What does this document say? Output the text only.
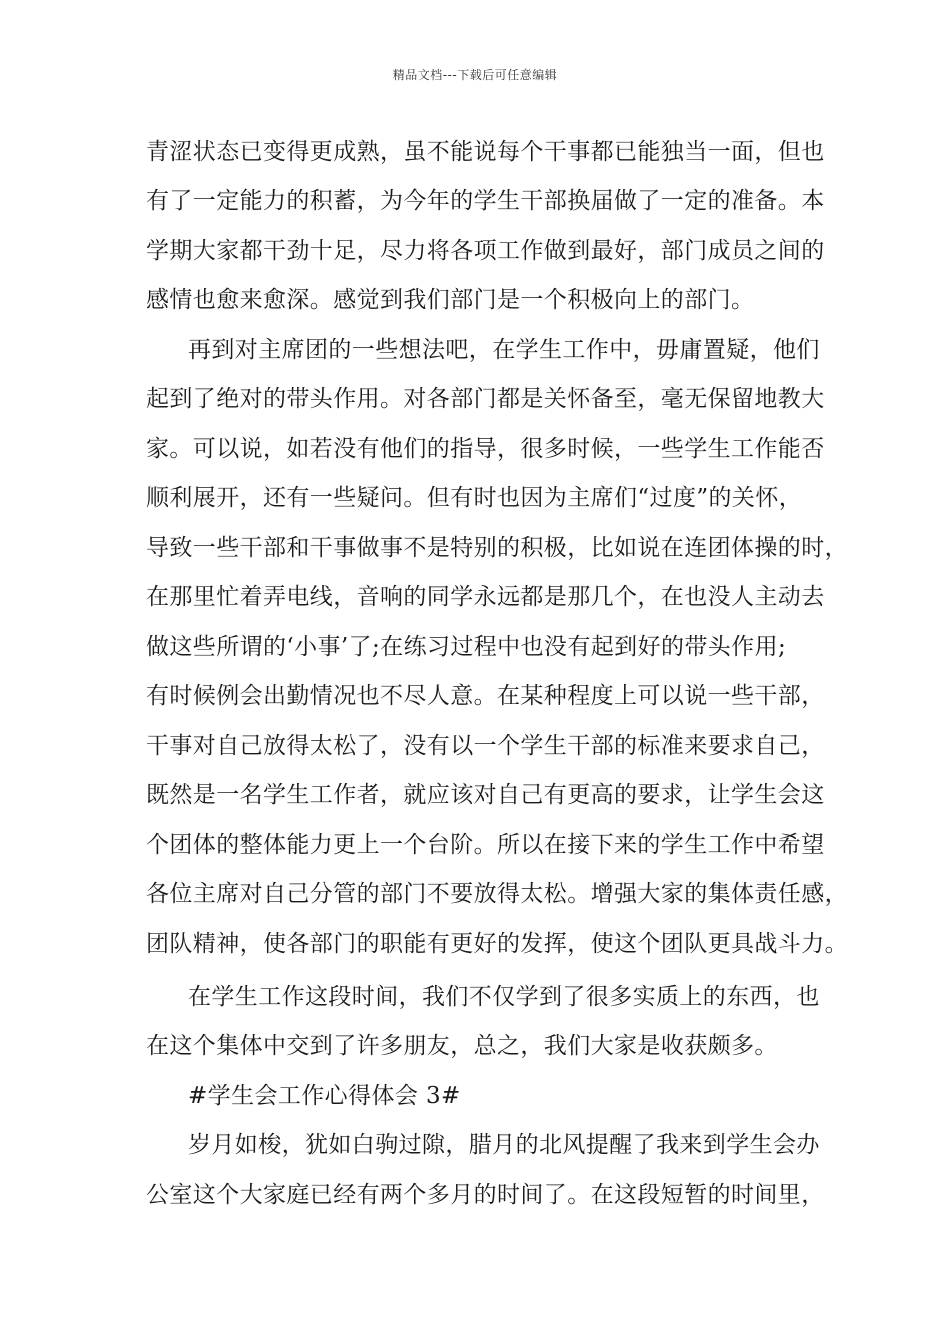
精品文档---下载后可任意编辑
青涩状态已变得更成熟，虽不能说每个干事都已能独当一面，但也
有了一定能力的积蓄，为今年的学生干部换届做了一定的准备。本
学期大家都干劲十足，尽力将各项工作做到最好，部门成员之间的
感情也愈来愈深。感觉到我们部门是一个积极向上的部门。
再到对主席团的一些想法吧，在学生工作中，毋庸置疑，他们
起到了绝对的带头作用。对各部门都是关怀备至，毫无保留地教大
家。可以说，如若没有他们的指导，很多时候，一些学生工作能否
顺利展开，还有一些疑问。但有时也因为主席们“过度”的关怀，
导致一些干部和干事做事不是特别的积极，比如说在连团体操的时，
在那里忙着弄电线，音响的同学永远都是那几个，在也没人主动去
做这些所谓的‘小事’了;在练习过程中也没有起到好的带头作用;
有时候例会出勤情况也不尽人意。在某种程度上可以说一些干部，
干事对自己放得太松了，没有以一个学生干部的标准来要求自己，
既然是一名学生工作者，就应该对自己有更高的要求，让学生会这
个团体的整体能力更上一个台阶。所以在接下来的学生工作中希望
各位主席对自己分管的部门不要放得太松。增强大家的集体责任感，
团队精神，使各部门的职能有更好的发挥，使这个团队更具战斗力。
在学生工作这段时间，我们不仅学到了很多实质上的东西，也
在这个集体中交到了许多朋友，总之，我们大家是收获颇多。
#学生会工作心得体会 3#
岁月如梭，犹如白驹过隙，腊月的北风提醒了我来到学生会办
公室这个大家庭已经有两个多月的时间了。在这段短暂的时间里，
